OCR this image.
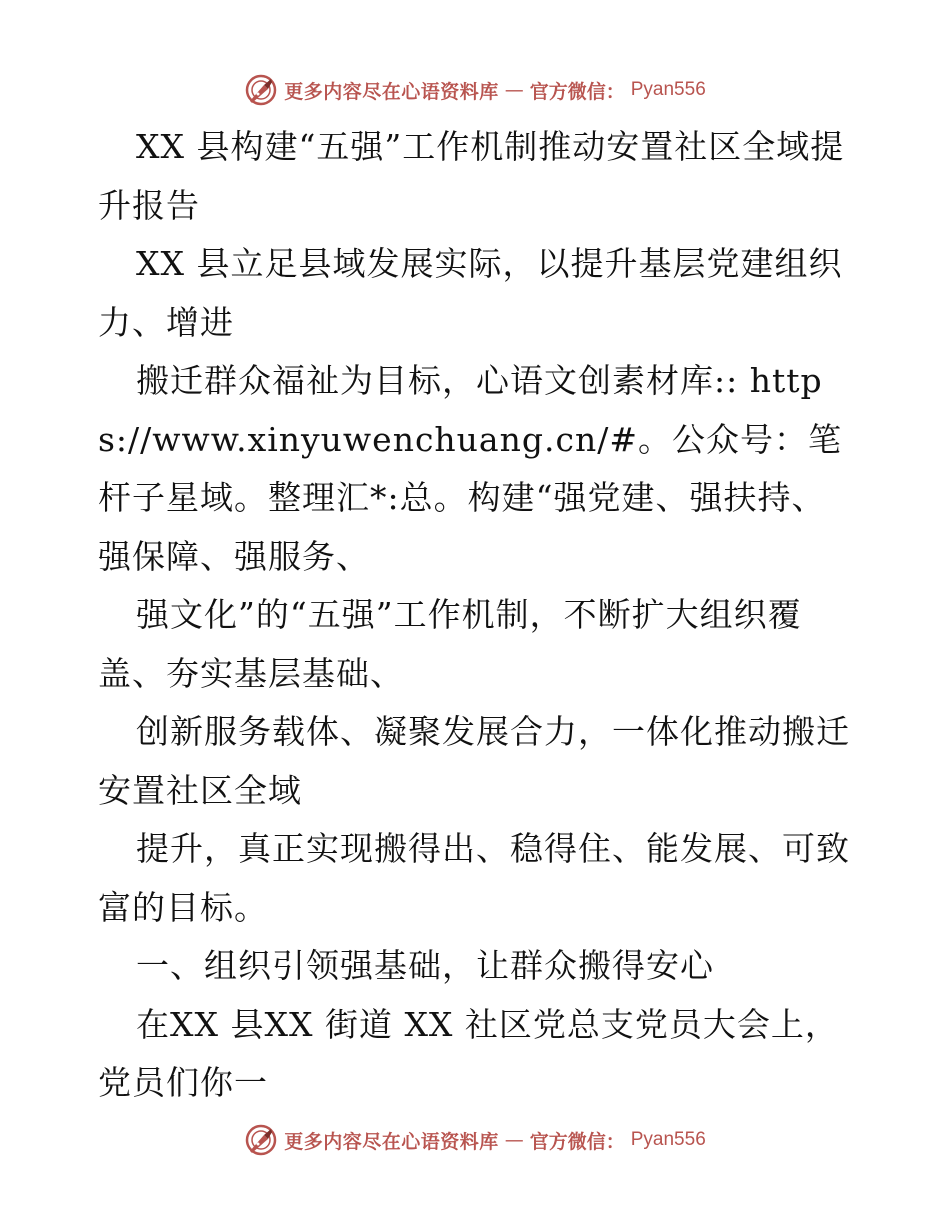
更多内容尽在心语资料库 — 官方微信： Pyan556

XX 县构建“五强”工作机制推动安置社区全域提升报告

XX 县立足县域发展实际，以提升基层党建组织力、增进

搬迁群众福祉为目标，心语文创素材库:: https://www.xinyuwenchuang.cn/#。公众号：笔杆子星域。整理汇*:总。构建“强党建、强扶持、强保障、强服务、

强文化”的“五强”工作机制，不断扩大组织覆盖、夯实基层基础、

创新服务载体、凝聚发展合力，一体化推动搬迁安置社区全域

提升，真正实现搬得出、稳得住、能发展、可致富的目标。

一、组织引领强基础，让群众搬得安心

在XX 县XX 街道 XX 社区党总支党员大会上，党员们你一

更多内容尽在心语资料库 — 官方微信： Pyan556
